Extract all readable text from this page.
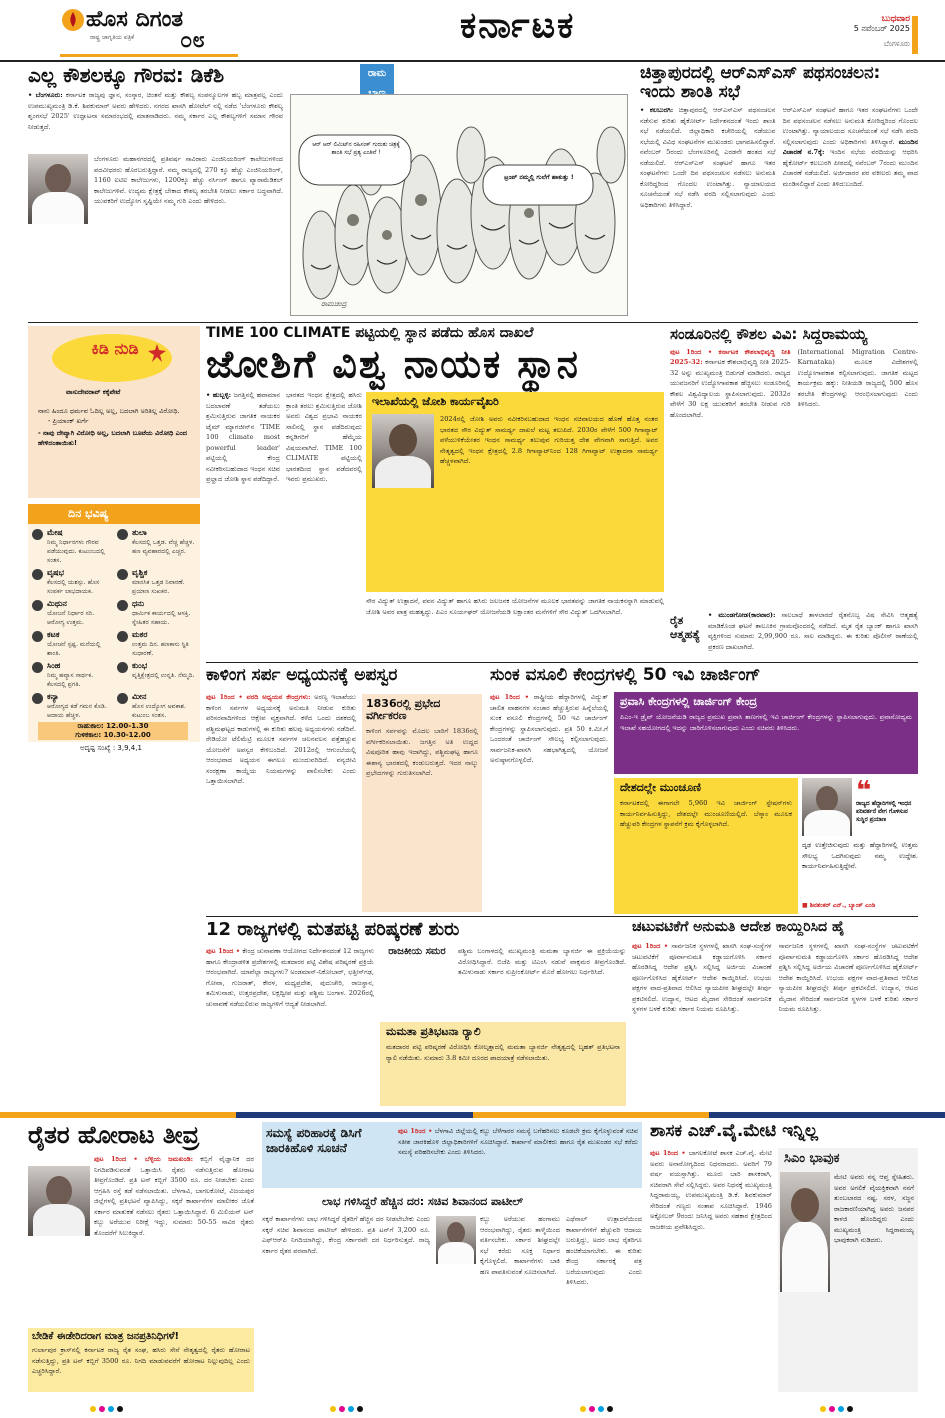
ಹೊಸ ದಿಗಂತ
ರಾಷ್ಟ್ರ ಜಾಗೃತಿಯ ಪತ್ರಿಕೆ ೦೮	ಕರ್ನಾಟಕ	ಬುಧವಾರ
5 ನವೆಂಬರ್ 2025
ಬೆಂಗಳೂರು
ಎಲ್ಲ ಕೌಶಲಕ್ಕೂ ಗೌರವ: ಡಿಕೆಶಿ
• ಬೆಂಗಳೂರು: ಕರ್ನಾಟಕ ರಾಜ್ಯವು ಜ್ಞಾನ, ಸಂಸ್ಕಾರ, ಚಿಂತನೆ ಮತ್ತು ಕೌಶಲ್ಯ ಸಂಪನ್ಮೂಲಗಳ ಹಬ್ಬ ಮಾತ್ರವಲ್ಲ ಎಂದು ಉಪಮುಖ್ಯಮಂತ್ರಿ ಡಿ.ಕೆ. ಶಿವಕುಮಾರ್ ಅವರು ಹೇಳಿದರು. ನಗರದ ಖಾಸಗಿ ಹೋಟೆಲ್ ನಲ್ಲಿ ನಡೆದ 'ಬೆಂಗಳೂರು ಕೌಶಲ್ಯ ಶೃಂಗಸಭೆ 2025' ಉದ್ಘಾಟನಾ ಸಮಾರಂಭದಲ್ಲಿ ಮಾತನಾಡಿದರು. ನಮ್ಮ ಸರ್ಕಾರ ಎಲ್ಲ ಕೌಶಲ್ಯಗಳಿಗೆ ಸಮಾನ ಗೌರವ ನೀಡುತ್ತದೆ.
ಬೆಂಗಳೂರು ಮಹಾನಗರದಲ್ಲಿ ಪ್ರತಿವರ್ಷ ಸಾವಿರಾರು ಎಂಜಿನಿಯರಿಂಗ್ ಕಾಲೇಜುಗಳಿಂದ ಪದವೀಧರರು ಹೊರಬರುತ್ತಿದ್ದಾರೆ. ನಮ್ಮ ರಾಜ್ಯದಲ್ಲಿ 270 ಕ್ಕೂ ಹೆಚ್ಚು ಎಂಜಿನಿಯರಿಂಗ್, 1160 ಐಟಿಐ ಕಾಲೇಜುಗಳು, 1200ಕ್ಕೂ ಹೆಚ್ಚು ನರ್ಸಿಂಗ್ ಹಾಗೂ ಪ್ಯಾರಾಮೆಡಿಕಲ್ ಕಾಲೇಜುಗಳಿವೆ. ಉದ್ಯಮ ಕ್ಷೇತ್ರಕ್ಕೆ ಬೇಕಾದ ಕೌಶಲ್ಯ ತರಬೇತಿ ನೀಡಲು ಸರ್ಕಾರ ಬದ್ಧವಾಗಿದೆ. ಯುವಕರಿಗೆ ಉದ್ಯೋಗ ಸೃಷ್ಟಿಯೇ ನಮ್ಮ ಗುರಿ ಎಂದು ಹೇಳಿದರು.
ರಾಮ
ಆರ್ ಆರ್ ಲಿಮಿಟ್‌ನ ರಹಿಸಂಕ್ ಗುರುತು ಚಿತ್ರಕ್ಕೆ ಶಾಂತಿ ಸಭೆ ಪ್ರತ್ಯ ಎಂತಿವೆ !
ಟ್ರಂಪ್ ನಮ್ಮಲ್ಲಿ ಗುಲೆಗೆ ಹಾಕುತ್ತು !
ರಾಮಚಂದ್ರ
ಚಿತ್ತಾಪುರದಲ್ಲಿ ಆರ್‌ಎಸ್‌ಎಸ್ ಪಥಸಂಚಲನ: ಇಂದು ಶಾಂತಿ ಸಭೆ
• ಕಲಬುರಗಿ: ಚಿತ್ತಾಪುರದಲ್ಲಿ ಆರ್‌ಎಸ್‌ಎಸ್ ಪಥಸಂಚಲನ ನಡೆಸುವ ಕುರಿತು ಹೈಕೋರ್ಟ್ ನಿರ್ದೇಶನದಂತೆ ಇಂದು ಶಾಂತಿ ಸಭೆ ನಡೆಯಲಿದೆ. ಜಿಲ್ಲಾಧಿಕಾರಿ ಕಚೇರಿಯಲ್ಲಿ ನಡೆಯುವ ಸಭೆಯಲ್ಲಿ ವಿವಿಧ ಸಂಘಟನೆಗಳ ಮುಖಂಡರು ಭಾಗವಹಿಸಲಿದ್ದಾರೆ. ನವೆಂಬರ್ 5ರಂದು ಬೆಂಗಳೂರಿನಲ್ಲಿ ಎರಡನೇ ಹಂತದ ಸಭೆ ನಡೆಯಲಿದೆ. ಆರ್‌ಎಸ್‌ಎಸ್ ಸಂಘಟನೆ ಹಾಗೂ ಇತರ ಸಂಘಟನೆಗಳು ಒಂದೇ ದಿನ ಪಥಸಂಚಲನ ನಡೆಸಲು ಅನುಮತಿ ಕೋರಿದ್ದರಿಂದ ಗೊಂದಲ ಉಂಟಾಗಿತ್ತು. ನ್ಯಾಯಾಲಯದ ಸೂಚನೆಯಂತೆ ಸಭೆ ನಡೆಸಿ ವರದಿ ಸಲ್ಲಿಸಲಾಗುವುದು ಎಂದು ಅಧಿಕಾರಿಗಳು ತಿಳಿಸಿದ್ದಾರೆ.
ಆರ್‌ಎಸ್‌ಎಸ್ ಸಂಘಟನೆ ಹಾಗೂ ಇತರ ಸಂಘಟನೆಗಳು ಒಂದೇ ದಿನ ಪಥಸಂಚಲನ ನಡೆಸಲು ಅನುಮತಿ ಕೋರಿದ್ದರಿಂದ ಗೊಂದಲ ಉಂಟಾಗಿತ್ತು. ನ್ಯಾಯಾಲಯದ ಸೂಚನೆಯಂತೆ ಸಭೆ ನಡೆಸಿ ವರದಿ ಸಲ್ಲಿಸಲಾಗುವುದು ಎಂದು ಅಧಿಕಾರಿಗಳು ತಿಳಿಸಿದ್ದಾರೆ. ಮುಂದಿನ ವಿಚಾರಣೆ ನ.7ಕ್ಕೆ: ಇಂದಿನ ಸಭೆಯ ವರದಿಯನ್ನು ಆಧರಿಸಿ ಹೈಕೋರ್ಟ್ ಕಲಬುರಗಿ ಪೀಠದಲ್ಲಿ ನವೆಂಬರ್ 7ರಂದು ಮುಂದಿನ ವಿಚಾರಣೆ ನಡೆಯಲಿದೆ. ಅರ್ಜಿದಾರರ ಪರ ವಕೀಲರು ತಮ್ಮ ವಾದ ಮಂಡಿಸಲಿದ್ದಾರೆ ಎಂದು ತಿಳಿದುಬಂದಿದೆ.
ಕಿಡಿ ನುಡಿ
ವಾಸುದೇವರಾವ್ ಕಕ್ಕೆಪೇಟೆ
ನಾನು ಹಿಂದೂ ಧರ್ಮವ ಓದಿಲ್ಲ ಅಲ್ಲ, ಬದಲಾಗಿ ಅರಿತಿಲ್ಲ ವಿರೋಧಿ.
- ಪ್ರಿಯಾಂಕ್ ಖರ್ಗೆ
- ನಾವು ದೇವ್ಯಾಗಿ ವಿರೋಧಿ ಅಲ್ಲ, ಬದಲಾಗಿ ಬೂಟೆಯ ವಿರೋಧಿ ಎಂದ ಹೇಳಿದಂತಾಯಿತು!
ದಿನ ಭವಿಷ್ಯ
ಮೇಷ
ನಿಮ್ಮ ನಿರ್ಧಾರಗಳು ಗೌರವ ಪಡೆಯುವುದು. ಕುಟುಂಬದಲ್ಲಿ ಸಂತಸ.
ತುಲಾ
ಕೆಲಸದಲ್ಲಿ ಒತ್ತಡ. ವೆಚ್ಚ ಹೆಚ್ಚಳ. ಹಣ ವ್ಯವಹಾರದಲ್ಲಿ ಎಚ್ಚರ.
ವೃಷಭ
ಕೆಲಸದಲ್ಲಿ ಯಶಸ್ಸು. ಹೊಸ ಸಂಪರ್ಕ ಲಾಭದಾಯಕ.
ವೃಶ್ಚಿಕ
ಮಾನಸಿಕ ಒತ್ತಡ ನಿವಾರಣೆ. ಪ್ರಯಾಣ ಸುಖಕರ.
ಮಿಥುನ
ಯೋಜನೆ ನಿರ್ಧಾರ ಸರಿ. ಆರೋಗ್ಯ ಉತ್ತಮ.
ಧನು
ಧಾರ್ಮಿಕ ಕಾರ್ಯದಲ್ಲಿ ಆಸಕ್ತಿ. ಸ್ನೇಹಿತರ ಸಹಾಯ.
ಕಟಕ
ಯೋಚನೆ ಸ್ಪಷ್ಟ. ಮನೆಯಲ್ಲಿ ಶಾಂತಿ.
ಮಕರ
ಉತ್ತಮ ದಿನ. ಹಣಕಾಸು ಸ್ಥಿತಿ ಸುಧಾರಣೆ.
ಸಿಂಹ
ನಿಮ್ಮ ಹವ್ಯಾಸ ಸಾರ್ಥಕ. ಕೆಲಸದಲ್ಲಿ ಪ್ರಗತಿ.
ಕುಂಭ
ವೃತ್ತಿಕ್ಷೇತ್ರದಲ್ಲಿ ಉನ್ನತಿ. ನೆಮ್ಮದಿ.
ಕನ್ಯಾ
ಆರೋಗ್ಯದ ಕಡೆ ಗಮನ ಕೊಡಿ. ಆದಾಯ ಹೆಚ್ಚಳ.
ಮೀನ
ಹೊಸ ಉದ್ಯೋಗ ಅವಕಾಶ. ಕುಟುಂಬ ಸಂತಸ.
ರಾಹುಕಾಲ: 12.00-1.30
ಗುಳಿಕಕಾಲ: 10.30-12.00
ಅದೃಷ್ಟ ಸಂಖ್ಯೆ : 3,9,4,1
TIME 100 CLIMATE ಪಟ್ಟಿಯಲ್ಲಿ ಸ್ಥಾನ ಪಡೆದು ಹೊಸ ದಾಖಲೆ
ಜೋಶಿಗೆ ವಿಶ್ವ ನಾಯಕ ಸ್ಥಾನ
• ಹುಬ್ಬಳ್ಳಿ: ಜಗತ್ತಿನಲ್ಲಿ ಹವಾಮಾನ ಬದಲಾವಣೆ ತಡೆಯಲು ಶ್ರಮಿಸುತ್ತಿರುವ ಜಾಗತಿಕ ನಾಯಕರ ಟೈಮ್ ಮ್ಯಾಗಜೀನ್‌ನ 'TIME 100 climate most powerful leader' ಪಟ್ಟಿಯಲ್ಲಿ ಕೇಂದ್ರ ನವೀಕರಿಸಬಹುದಾದ ಇಂಧನ ಸಚಿವ ಪ್ರಲ್ಹಾದ ಜೋಶಿ ಸ್ಥಾನ ಪಡೆದಿದ್ದಾರೆ.
ಭಾರತದ ಇಂಧನ ಕ್ಷೇತ್ರದಲ್ಲಿ ಹಸಿರು ಕ್ರಾಂತಿ ತರಲು ಶ್ರಮಿಸುತ್ತಿರುವ ಜೋಶಿ ಅವರು ವಿಶ್ವದ ಪ್ರಭಾವಿ ನಾಯಕರ ಸಾಲಿನಲ್ಲಿ ಸ್ಥಾನ ಪಡೆದಿರುವುದು ಕನ್ನಡಿಗರಿಗೆ ಹೆಮ್ಮೆಯ ವಿಷಯವಾಗಿದೆ. TIME 100 CLIMATE ಪಟ್ಟಿಯಲ್ಲಿ ಭಾರತದಿಂದ ಸ್ಥಾನ ಪಡೆದವರಲ್ಲಿ ಇವರು ಪ್ರಮುಖರು.
ಇಲಾಖೆಯಲ್ಲಿ ಜೋಶಿ ಕಾರ್ಯವೈಖರಿ
2024ರಲ್ಲಿ ಜೋಶಿ ಅವರು ನವೀಕರಿಸಬಹುದಾದ ಇಂಧನ ಸಚಿವಾಲಯದ ಹೊಣೆ ಹೊತ್ತ ನಂತರ ಭಾರತದ ಸೌರ ವಿದ್ಯುತ್ ಸಾಮರ್ಥ್ಯ ದಾಖಲೆ ಮಟ್ಟ ತಲುಪಿದೆ. 2030ರ ವೇಳೆಗೆ 500 ಗಿಗಾವ್ಯಾಟ್ ಪಳೆಯುಳಿಕೆಯೇತರ ಇಂಧನ ಸಾಮರ್ಥ್ಯ ತಲುಪುವ ಗುರಿಯತ್ತ ದೇಶ ವೇಗವಾಗಿ ಸಾಗುತ್ತಿದೆ. ಅವರ ನೇತೃತ್ವದಲ್ಲಿ ಇಂಧನ ಕ್ಷೇತ್ರದಲ್ಲಿ 2.8 ಗಿಗಾವ್ಯಾಟ್‌ನಿಂದ 128 ಗಿಗಾವ್ಯಾಟ್ ಉತ್ಪಾದನಾ ಸಾಮರ್ಥ್ಯ ಹೆಚ್ಚಳವಾಗಿದೆ.
ಸೌರ ವಿದ್ಯುತ್ ಉತ್ಪಾದನೆ, ಪವನ ವಿದ್ಯುತ್ ಹಾಗೂ ಹಸಿರು ಜಲಜನಕ ಯೋಜನೆಗಳ ಮೂಲಕ ಭಾರತವನ್ನು ಜಾಗತಿಕ ನಾಯಕನನ್ನಾಗಿ ಮಾಡುವಲ್ಲಿ ಜೋಶಿ ಅವರ ಪಾತ್ರ ಮಹತ್ವದ್ದು. ಪಿಎಂ ಸೂರ್ಯಘರ್ ಯೋಜನೆಯಡಿ ಲಕ್ಷಾಂತರ ಮನೆಗಳಿಗೆ ಸೌರ ವಿದ್ಯುತ್ ಒದಗಿಸಲಾಗಿದೆ.
ಸಂಡೂರಿನಲ್ಲಿ ಕೌಶಲ ವಿವಿ: ಸಿದ್ದರಾಮಯ್ಯ
ಪುಟ 1ರಿಂದ • ಕರ್ನಾಟಕ ಕೌಶಲಾಭಿವೃದ್ಧಿ ನೀತಿ 2025-32: ಕರ್ನಾಟಕ ಕೌಶಲಾಭಿವೃದ್ಧಿ ನೀತಿ 2025-32 ಅನ್ನು ಮುಖ್ಯಮಂತ್ರಿ ಬಿಡುಗಡೆ ಮಾಡಿದರು. ರಾಜ್ಯದ ಯುವಜನರಿಗೆ ಉದ್ಯೋಗಾವಕಾಶ ಹೆಚ್ಚಿಸಲು ಸಂಡೂರಿನಲ್ಲಿ ಕೌಶಲ ವಿಶ್ವವಿದ್ಯಾಲಯ ಸ್ಥಾಪಿಸಲಾಗುವುದು. 2032ರ ವೇಳೆಗೆ 30 ಲಕ್ಷ ಯುವಕರಿಗೆ ತರಬೇತಿ ನೀಡುವ ಗುರಿ ಹೊಂದಲಾಗಿದೆ.
(International Migration Centre-Karnataka) ಮೂಲಕ ವಿದೇಶಗಳಲ್ಲಿ ಉದ್ಯೋಗಾವಕಾಶ ಕಲ್ಪಿಸಲಾಗುವುದು. ಜಾಗತಿಕ ಮಟ್ಟದ ಕಾರ್ಯಕ್ರಮ ಹಕ್ಕು: ನೀತಿಯಡಿ ರಾಜ್ಯದಲ್ಲಿ 500 ಹೊಸ ತರಬೇತಿ ಕೇಂದ್ರಗಳನ್ನು ಆರಂಭಿಸಲಾಗುವುದು ಎಂದು ತಿಳಿಸಿದರು.
ರೈತ ಆತ್ಮಹತ್ಯೆ
• ಮುಂಡಗೋಡ(ಕಾರವಾರ): ಸಾಲಬಾಧೆ ತಾಳಲಾರದೆ ರೈತನೊಬ್ಬ ವಿಷ ಸೇವಿಸಿ ಆತ್ಮಹತ್ಯೆ ಮಾಡಿಕೊಂಡ ಘಟನೆ ತಾಲೂಕಿನ ಗ್ರಾಮವೊಂದರಲ್ಲಿ ನಡೆದಿದೆ. ಮೃತ ರೈತ ಬ್ಯಾಂಕ್ ಹಾಗೂ ಖಾಸಗಿ ವ್ಯಕ್ತಿಗಳಿಂದ ಸುಮಾರು 2,99,900 ರೂ. ಸಾಲ ಮಾಡಿದ್ದರು. ಈ ಕುರಿತು ಪೊಲೀಸ್ ಠಾಣೆಯಲ್ಲಿ ಪ್ರಕರಣ ದಾಖಲಾಗಿದೆ.
ಕಾಳಿಂಗ ಸರ್ಪ ಅಧ್ಯಯನಕ್ಕೆ ಅಪಸ್ವರ
ಪುಟ 1ರಿಂದ • ವರದಿ ಅಧ್ಯಯನ ಕೇಂದ್ರಗಳು: ಅರಣ್ಯ ಇಲಾಖೆಯು ಕಾಳಿಂಗ ಸರ್ಪಗಳ ಅಧ್ಯಯನಕ್ಕೆ ಅನುಮತಿ ನೀಡುವ ಕುರಿತು ಪರಿಸರವಾದಿಗಳಿಂದ ಆಕ್ಷೇಪ ವ್ಯಕ್ತವಾಗಿದೆ. ಕಳೆದ ಒಂದು ದಶಕದಲ್ಲಿ ಪಶ್ಚಿಮಘಟ್ಟದ ಕಾಡುಗಳಲ್ಲಿ ಈ ಕುರಿತು ಹಲವು ಅಧ್ಯಯನಗಳು ನಡೆದಿವೆ. ರೇಡಿಯೋ ಟೆಲಿಮೆಟ್ರಿ ಮೂಲಕ ಸರ್ಪಗಳ ಚಲನವಲನ ಪತ್ತೆಹಚ್ಚುವ ಯೋಜನೆಗೆ ಅಪಸ್ವರ ಕೇಳಿಬಂದಿದೆ. 2012ರಲ್ಲಿ ಆಗುಂಬೆಯಲ್ಲಿ ಆರಂಭವಾದ ಅಧ್ಯಯನ ಈಗಲೂ ಮುಂದುವರಿದಿದೆ. ವನ್ಯಜೀವಿ ಸಂರಕ್ಷಣಾ ಕಾಯ್ದೆಯ ನಿಯಮಗಳನ್ನು ಪಾಲಿಸಬೇಕು ಎಂದು ಒತ್ತಾಯಿಸಲಾಗಿದೆ.
1836ರಲ್ಲಿ ಪ್ರಭೇದ ವರ್ಗೀಕರಣ
ಕಾಳಿಂಗ ಸರ್ಪವನ್ನು ಮೊದಲ ಬಾರಿಗೆ 1836ರಲ್ಲಿ ವರ್ಗೀಕರಿಸಲಾಯಿತು. ಜಗತ್ತಿನ ಅತಿ ಉದ್ದದ ವಿಷಪೂರಿತ ಹಾವು ಇದಾಗಿದ್ದು, ಪಶ್ಚಿಮಘಟ್ಟ ಹಾಗೂ ಈಶಾನ್ಯ ಭಾರತದಲ್ಲಿ ಕಂಡುಬರುತ್ತದೆ. ಇದರ ನಾಲ್ಕು ಪ್ರಭೇದಗಳನ್ನು ಗುರುತಿಸಲಾಗಿದೆ.
ಸುಂಕ ವಸೂಲಿ ಕೇಂದ್ರಗಳಲ್ಲಿ 50 ಇವಿ ಚಾರ್ಜಿಂಗ್
ಪುಟ 1ರಿಂದ • ರಾಷ್ಟ್ರೀಯ ಹೆದ್ದಾರಿಗಳಲ್ಲಿ ವಿದ್ಯುತ್ ಚಾಲಿತ ವಾಹನಗಳ ಸಂಚಾರ ಹೆಚ್ಚುತ್ತಿರುವ ಹಿನ್ನೆಲೆಯಲ್ಲಿ ಸುಂಕ ವಸೂಲಿ ಕೇಂದ್ರಗಳಲ್ಲಿ 50 ಇವಿ ಚಾರ್ಜಿಂಗ್ ಕೇಂದ್ರಗಳನ್ನು ಸ್ಥಾಪಿಸಲಾಗುವುದು. ಪ್ರತಿ 50 ಕಿ.ಮೀ.ಗೆ ಒಂದರಂತೆ ಚಾರ್ಜಿಂಗ್ ಸೌಲಭ್ಯ ಕಲ್ಪಿಸಲಾಗುವುದು. ಸಾರ್ವಜನಿಕ-ಖಾಸಗಿ ಸಹಭಾಗಿತ್ವದಲ್ಲಿ ಯೋಜನೆ ಅನುಷ್ಠಾನಗೊಳ್ಳಲಿದೆ.
ಪ್ರವಾಸಿ ಕೇಂದ್ರಗಳಲ್ಲಿ ಚಾರ್ಜಿಂಗ್ ಕೇಂದ್ರ
ಪಿಎಂ-ಇ ಡ್ರೈವ್ ಯೋಜನೆಯಡಿ ರಾಜ್ಯದ ಪ್ರಮುಖ ಪ್ರವಾಸಿ ತಾಣಗಳಲ್ಲಿ ಇವಿ ಚಾರ್ಜಿಂಗ್ ಕೇಂದ್ರಗಳನ್ನು ಸ್ಥಾಪಿಸಲಾಗುವುದು. ಪ್ರವಾಸೋದ್ಯಮ ಇಲಾಖೆ ಸಹಯೋಗದಲ್ಲಿ ಇದನ್ನು ಜಾರಿಗೊಳಿಸಲಾಗುವುದು ಎಂದು ಸಚಿವರು ತಿಳಿಸಿದರು.
ದೇಶದಲ್ಲೇ ಮುಂಚೂಣಿ
ಕರ್ನಾಟಕದಲ್ಲಿ ಈಗಾಗಲೇ 5,960 ಇವಿ ಚಾರ್ಜಿಂಗ್ ಸ್ಟೇಷನ್‌ಗಳು ಕಾರ್ಯನಿರ್ವಹಿಸುತ್ತಿದ್ದು, ದೇಶದಲ್ಲೇ ಮುಂಚೂಣಿಯಲ್ಲಿದೆ. ಬೆಸ್ಕಾಂ ಮೂಲಕ ಹೆಚ್ಚುವರಿ ಕೇಂದ್ರಗಳ ಸ್ಥಾಪನೆಗೆ ಕ್ರಮ ಕೈಗೊಳ್ಳಲಾಗಿದೆ.
❝
ರಾಜ್ಯದ ಹೆದ್ದಾರಿಗಳಲ್ಲಿ ಇಂಧನ ಪರಿವರ್ತನೆ ವೇಗ ಗೊಳಿಸುವ ಸುಸ್ಥಿರ ಪ್ರಯಾಣ
ದೃಢ ಉತ್ತೇಜಿಸುವುದು ಮತ್ತು ಹೆದ್ದಾರಿಗಳಲ್ಲಿ ಉತ್ತಮ ಸೌಲಭ್ಯ ಒದಗಿಸುವುದು ನಮ್ಮ ಉದ್ದೇಶ. ಕಾರ್ಯನಿರ್ವಹಿಸುತ್ತಿದ್ದೇವೆ.
■ ಶಿವಶಂಕರ್ ಎನ್., ಬ್ಯಾಂಕ್ ಎಂಡಿ
12 ರಾಜ್ಯಗಳಲ್ಲಿ ಮತಪಟ್ಟಿ ಪರಿಷ್ಕರಣೆ ಶುರು
ಪುಟ 1ರಿಂದ • ಕೇಂದ್ರ ಚುನಾವಣಾ ಆಯೋಗದ ನಿರ್ದೇಶನದಂತೆ 12 ರಾಜ್ಯಗಳು ಹಾಗೂ ಕೇಂದ್ರಾಡಳಿತ ಪ್ರದೇಶಗಳಲ್ಲಿ ಮತದಾರರ ಪಟ್ಟಿ ವಿಶೇಷ ಪರಿಷ್ಕರಣೆ ಪ್ರಕ್ರಿಯೆ ಆರಂಭವಾಗಿದೆ. ಯಾವೆಲ್ಲಾ ರಾಜ್ಯಗಳು? ಅಂಡಮಾನ್-ನಿಕೋಬಾರ್, ಛತ್ತೀಸ್‌ಗಢ, ಗೋವಾ, ಗುಜರಾತ್, ಕೇರಳ, ಮಧ್ಯಪ್ರದೇಶ, ಪುದುಚೇರಿ, ರಾಜಸ್ಥಾನ, ತಮಿಳುನಾಡು, ಉತ್ತರಪ್ರದೇಶ, ಲಕ್ಷದ್ವೀಪ ಮತ್ತು ಪಶ್ಚಿಮ ಬಂಗಾಳ. 2026ರಲ್ಲಿ ಚುನಾವಣೆ ನಡೆಯಲಿರುವ ರಾಜ್ಯಗಳಿಗೆ ಆದ್ಯತೆ ನೀಡಲಾಗಿದೆ.
ರಾಜಕೀಯ ಸಮರ	ಪಶ್ಚಿಮ ಬಂಗಾಳದಲ್ಲಿ ಮುಖ್ಯಮಂತ್ರಿ ಮಮತಾ ಬ್ಯಾನರ್ಜಿ ಈ ಪ್ರಕ್ರಿಯೆಯನ್ನು ವಿರೋಧಿಸಿದ್ದಾರೆ. ಬಿಜೆಪಿ ಮತ್ತು ಟಿಎಂಸಿ ನಡುವೆ ವಾಕ್ಸಮರ ತೀವ್ರಗೊಂಡಿದೆ. ತಮಿಳುನಾಡು ಸರ್ಕಾರ ಸುಪ್ರೀಂಕೋರ್ಟ್ ಮೊರೆ ಹೋಗಲು ನಿರ್ಧರಿಸಿದೆ.
ಮಮತಾ ಪ್ರತಿಭಟನಾ ರ‍್ಯಾಲಿ
ಮತದಾರರ ಪಟ್ಟಿ ಪರಿಷ್ಕರಣೆ ವಿರೋಧಿಸಿ ಕೋಲ್ಕತ್ತಾದಲ್ಲಿ ಮಮತಾ ಬ್ಯಾನರ್ಜಿ ನೇತೃತ್ವದಲ್ಲಿ ಬೃಹತ್ ಪ್ರತಿಭಟನಾ ರ‍್ಯಾಲಿ ನಡೆಯಿತು. ಸುಮಾರು 3.8 ಕಿಮೀ ದೂರದ ಪಾದಯಾತ್ರೆ ನಡೆಸಲಾಯಿತು.
ಚಟುವಟಿಕೆಗೆ ಅನುಮತಿ ಆದೇಶ ಕಾಯ್ದಿರಿಸಿದ ಹೈ
ಪುಟ 1ರಿಂದ • ಸಾರ್ವಜನಿಕ ಸ್ಥಳಗಳಲ್ಲಿ ಖಾಸಗಿ ಸಂಘ-ಸಂಸ್ಥೆಗಳ ಚಟುವಟಿಕೆಗೆ ಪೂರ್ವಾನುಮತಿ ಕಡ್ಡಾಯಗೊಳಿಸಿ ಸರ್ಕಾರ ಹೊರಡಿಸಿದ್ದ ಆದೇಶ ಪ್ರಶ್ನಿಸಿ ಸಲ್ಲಿಸಿದ್ದ ಅರ್ಜಿಯ ವಿಚಾರಣೆ ಪೂರ್ಣಗೊಳಿಸಿದ ಹೈಕೋರ್ಟ್ ಆದೇಶ ಕಾಯ್ದಿರಿಸಿದೆ. ಉಭಯ ಪಕ್ಷಗಳ ವಾದ-ಪ್ರತಿವಾದ ಆಲಿಸಿದ ನ್ಯಾಯಪೀಠ ಶೀಘ್ರದಲ್ಲೇ ತೀರ್ಪು ಪ್ರಕಟಿಸಲಿದೆ. ಉದ್ಯಾನ, ಆಟದ ಮೈದಾನ ಸೇರಿದಂತೆ ಸಾರ್ವಜನಿಕ ಸ್ಥಳಗಳ ಬಳಕೆ ಕುರಿತು ಸರ್ಕಾರ ನಿಯಮ ರೂಪಿಸಿತ್ತು.
ಸಾರ್ವಜನಿಕ ಸ್ಥಳಗಳಲ್ಲಿ ಖಾಸಗಿ ಸಂಘ-ಸಂಸ್ಥೆಗಳ ಚಟುವಟಿಕೆಗೆ ಪೂರ್ವಾನುಮತಿ ಕಡ್ಡಾಯಗೊಳಿಸಿ ಸರ್ಕಾರ ಹೊರಡಿಸಿದ್ದ ಆದೇಶ ಪ್ರಶ್ನಿಸಿ ಸಲ್ಲಿಸಿದ್ದ ಅರ್ಜಿಯ ವಿಚಾರಣೆ ಪೂರ್ಣಗೊಳಿಸಿದ ಹೈಕೋರ್ಟ್ ಆದೇಶ ಕಾಯ್ದಿರಿಸಿದೆ. ಉಭಯ ಪಕ್ಷಗಳ ವಾದ-ಪ್ರತಿವಾದ ಆಲಿಸಿದ ನ್ಯಾಯಪೀಠ ಶೀಘ್ರದಲ್ಲೇ ತೀರ್ಪು ಪ್ರಕಟಿಸಲಿದೆ. ಉದ್ಯಾನ, ಆಟದ ಮೈದಾನ ಸೇರಿದಂತೆ ಸಾರ್ವಜನಿಕ ಸ್ಥಳಗಳ ಬಳಕೆ ಕುರಿತು ಸರ್ಕಾರ ನಿಯಮ ರೂಪಿಸಿತ್ತು.
ರೈತರ ಹೋರಾಟ ತೀವ್ರ
ಪುಟ 1ರಿಂದ • ಬೆಳ್ಳಿಯ ಜಮಖಂಡಿ: ಕಬ್ಬಿಗೆ ವೈಜ್ಞಾನಿಕ ದರ ನಿಗದಿಪಡಿಸುವಂತೆ ಒತ್ತಾಯಿಸಿ ರೈತರು ನಡೆಸುತ್ತಿರುವ ಹೋರಾಟ ತೀವ್ರಗೊಂಡಿದೆ. ಪ್ರತಿ ಟನ್ ಕಬ್ಬಿಗೆ 3500 ರೂ. ದರ ನೀಡಬೇಕು ಎಂದು ಆಗ್ರಹಿಸಿ ರಸ್ತೆ ತಡೆ ನಡೆಸಲಾಯಿತು. ಬೆಳಗಾವಿ, ಬಾಗಲಕೋಟೆ, ವಿಜಯಪುರ ಜಿಲ್ಲೆಗಳಲ್ಲಿ ಪ್ರತಿಭಟನೆ ವ್ಯಾಪಿಸಿದ್ದು, ಸಕ್ಕರೆ ಕಾರ್ಖಾನೆಗಳ ಮಾಲೀಕರ ಜೊತೆ ಸರ್ಕಾರ ಮಾತುಕತೆ ನಡೆಸಲು ರೈತರು ಒತ್ತಾಯಿಸಿದ್ದಾರೆ. 6 ಮಿಲಿಯನ್ ಟನ್ ಕಬ್ಬು ಅರೆಯುವ ನಿರೀಕ್ಷೆ ಇದ್ದು, ಸುಮಾರು 50-55 ಸಾವಿರ ರೈತರು ತೊಂದರೆಗೆ ಸಿಲುಕಿದ್ದಾರೆ.
ಬೇಡಿಕೆ ಈಡೇರಿದರಾಗ ಮಾತ್ರ ಜನಪ್ರತಿನಿಧಿಗಳೆ!
ಗುರ್ಲಾಪುರ ಕ್ರಾಸ್‌ನಲ್ಲಿ ಕರ್ನಾಟಕ ರಾಜ್ಯ ರೈತ ಸಂಘ, ಹಸಿರು ಸೇನೆ ನೇತೃತ್ವದಲ್ಲಿ ರೈತರು ಹೋರಾಟ ನಡೆಸುತ್ತಿದ್ದು, ಪ್ರತಿ ಟನ್ ಕಬ್ಬಿಗೆ 3500 ರೂ. ನಿಗದಿ ಮಾಡುವವರೆಗೆ ಹೋರಾಟ ನಿಲ್ಲುವುದಿಲ್ಲ ಎಂದು ಎಚ್ಚರಿಸಿದ್ದಾರೆ.
ಸಮಸ್ಯೆ ಪರಿಹಾರಕ್ಕೆ ಡಿಸಿಗೆ ಜಾರಕಿಹೊಳಿ ಸೂಚನೆ
ಪುಟ 1ರಿಂದ • ಬೆಳಗಾವಿ ಜಿಲ್ಲೆಯಲ್ಲಿ ಕಬ್ಬು ಬೆಳೆಗಾರರ ಸಮಸ್ಯೆ ಬಗೆಹರಿಸಲು ಕೂಡಲೇ ಕ್ರಮ ಕೈಗೊಳ್ಳುವಂತೆ ಸಚಿವ ಸತೀಶ ಜಾರಕಿಹೊಳಿ ಜಿಲ್ಲಾಧಿಕಾರಿಗಳಿಗೆ ಸೂಚಿಸಿದ್ದಾರೆ. ಕಾರ್ಖಾನೆ ಮಾಲೀಕರು ಹಾಗೂ ರೈತ ಮುಖಂಡರ ಸಭೆ ಕರೆದು ಸಮಸ್ಯೆ ಪರಿಹರಿಸಬೇಕು ಎಂದು ತಿಳಿಸಿದರು.
ಲಾಭ ಗಳಿಸಿದ್ದರೆ ಹೆಚ್ಚಿನ ದರ: ಸಚಿವ ಶಿವಾನಂದ ಪಾಟೀಲ್
ಸಕ್ಕರೆ ಕಾರ್ಖಾನೆಗಳು ಲಾಭ ಗಳಿಸಿದ್ದರೆ ರೈತರಿಗೆ ಹೆಚ್ಚಿನ ದರ ನೀಡಲೇಬೇಕು ಎಂದು ಸಕ್ಕರೆ ಸಚಿವ ಶಿವಾನಂದ ಪಾಟೀಲ್ ಹೇಳಿದರು. ಪ್ರತಿ ಟನ್‌ಗೆ 3,200 ರೂ. ಎಫ್‌ಆರ್‌ಪಿ ನಿಗದಿಯಾಗಿದ್ದು, ಕೇಂದ್ರ ಸರ್ಕಾರವೇ ದರ ನಿರ್ಧರಿಸುತ್ತದೆ. ರಾಜ್ಯ ಸರ್ಕಾರ ರೈತರ ಪರವಾಗಿದೆ.
ಕಬ್ಬು ಅರೆಯುವ ಹಂಗಾಮು ಆರಂಭವಾಗಿದ್ದು, ರೈತರು ತಾಳ್ಮೆಯಿಂದ ವರ್ತಿಸಬೇಕು. ಸರ್ಕಾರ ಶೀಘ್ರದಲ್ಲೇ ಸಭೆ ಕರೆದು ಸೂಕ್ತ ನಿರ್ಧಾರ ಕೈಗೊಳ್ಳಲಿದೆ. ಕಾರ್ಖಾನೆಗಳು ಬಾಕಿ ಹಣ ಪಾವತಿಸುವಂತೆ ಸೂಚಿಸಲಾಗಿದೆ.
ಎಥೆನಾಲ್ ಉತ್ಪಾದನೆಯಿಂದ ಕಾರ್ಖಾನೆಗಳಿಗೆ ಹೆಚ್ಚುವರಿ ಆದಾಯ ಬರುತ್ತಿದ್ದು, ಅದರ ಲಾಭ ರೈತರಿಗೂ ಹಂಚಿಕೆಯಾಗಬೇಕು. ಈ ಕುರಿತು ಕೇಂದ್ರ ಸರ್ಕಾರಕ್ಕೆ ಪತ್ರ ಬರೆಯಲಾಗುವುದು ಎಂದು ತಿಳಿಸಿದರು.
ಶಾಸಕ ಎಚ್.ವೈ.ಮೇಟಿ ಇನ್ನಿಲ್ಲ
ಪುಟ 1ರಿಂದ • ಬಾಗಲಕೋಟೆ ಶಾಸಕ ಎಚ್.ವೈ. ಮೇಟಿ ಅವರು ಅನಾರೋಗ್ಯದಿಂದ ನಿಧನರಾದರು. ಅವರಿಗೆ 79 ವರ್ಷ ವಯಸ್ಸಾಗಿತ್ತು. ಮೂರು ಬಾರಿ ಶಾಸಕರಾಗಿ, ಸಚಿವರಾಗಿ ಸೇವೆ ಸಲ್ಲಿಸಿದ್ದರು. ಅವರ ನಿಧನಕ್ಕೆ ಮುಖ್ಯಮಂತ್ರಿ ಸಿದ್ದರಾಮಯ್ಯ, ಉಪಮುಖ್ಯಮಂತ್ರಿ ಡಿ.ಕೆ. ಶಿವಕುಮಾರ್ ಸೇರಿದಂತೆ ಗಣ್ಯರು ಸಂತಾಪ ಸೂಚಿಸಿದ್ದಾರೆ. 1946 ಅಕ್ಟೋಬರ್ 9ರಂದು ಜನಿಸಿದ್ದ ಅವರು ಸಹಕಾರ ಕ್ಷೇತ್ರದಿಂದ ರಾಜಕೀಯ ಪ್ರವೇಶಿಸಿದ್ದರು.
ಸಿಎಂ ಭಾವುಕ
ಮೇಟಿ ಅವರು ನನ್ನ ಆಪ್ತ ಸ್ನೇಹಿತರು. ಅವರ ಅಗಲಿಕೆ ವೈಯಕ್ತಿಕವಾಗಿ ನನಗೆ ತುಂಬಲಾರದ ನಷ್ಟ. ಸರಳ, ಸಜ್ಜನ ರಾಜಕಾರಣಿಯಾಗಿದ್ದ ಅವರು ಜನಪರ ಕಾಳಜಿ ಹೊಂದಿದ್ದರು ಎಂದು ಮುಖ್ಯಮಂತ್ರಿ ಸಿದ್ದರಾಮಯ್ಯ ಭಾವುಕರಾಗಿ ನುಡಿದರು.
